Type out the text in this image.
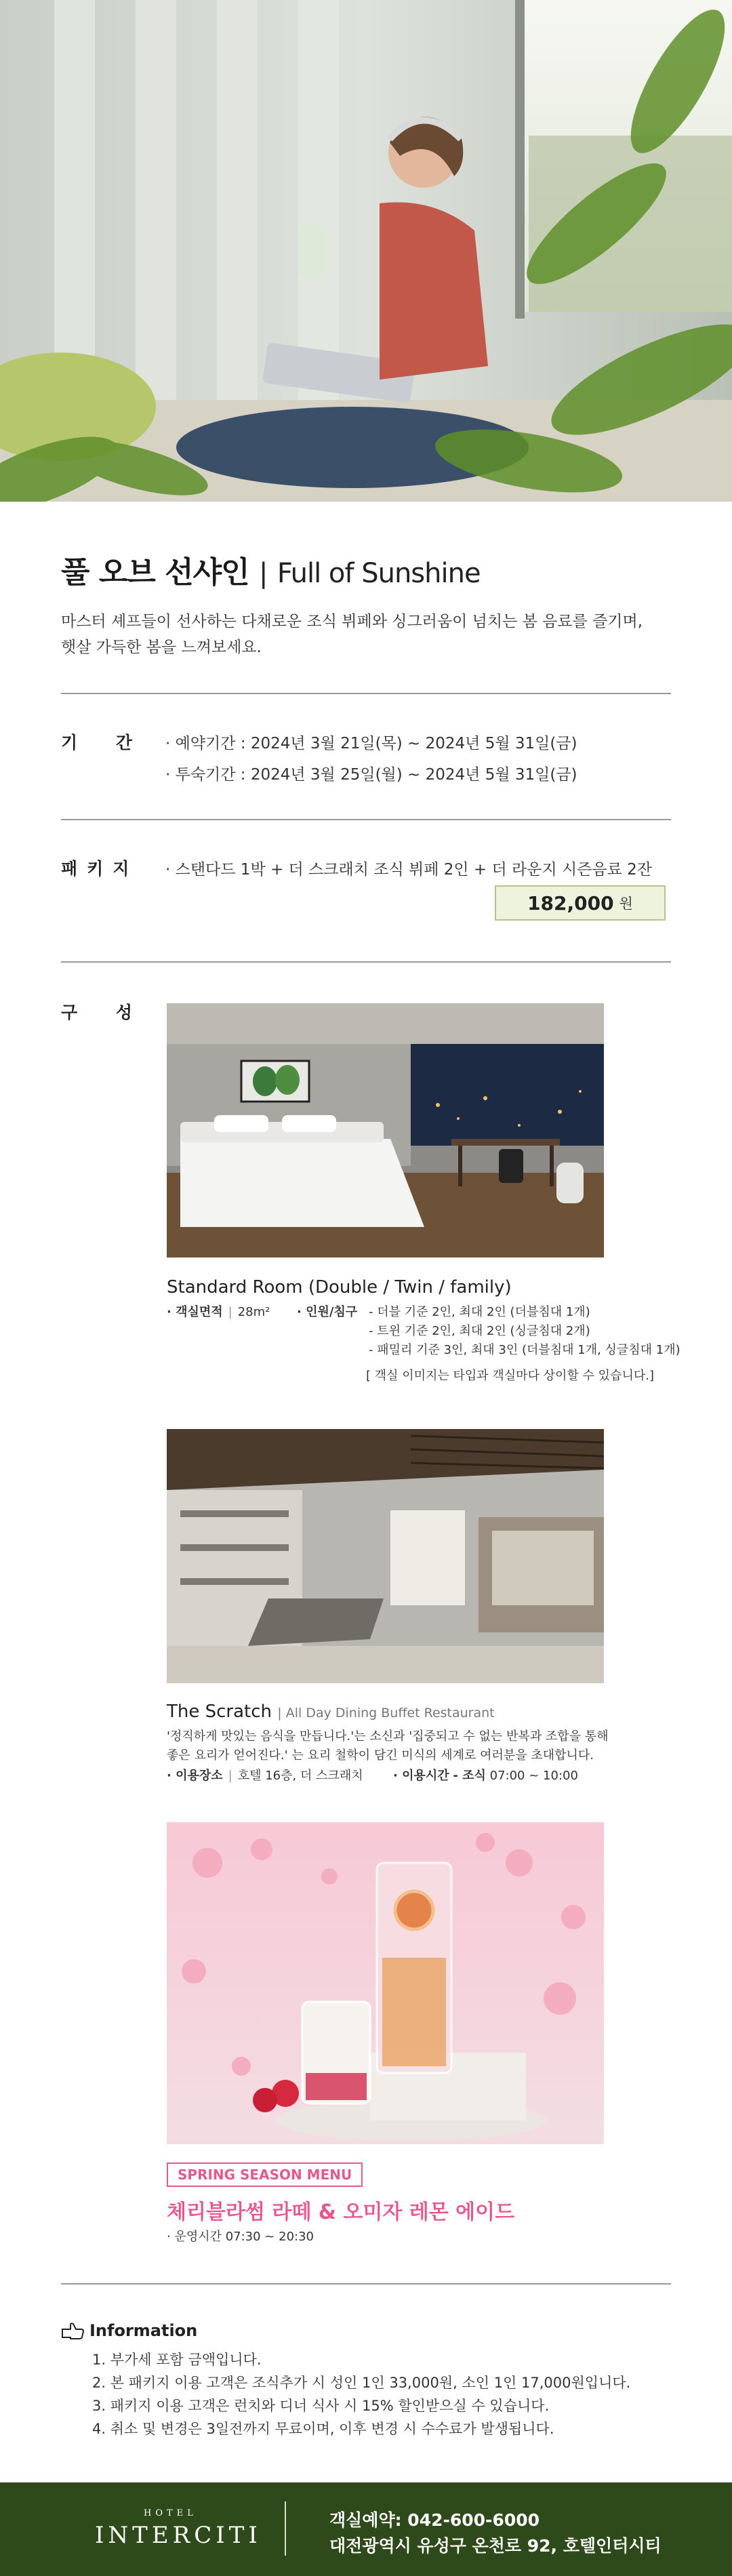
풀 오브 선샤인 | Full of Sunshine
마스터 셰프들이 선사하는 다채로운 조식 뷔페와 싱그러움이 넘치는 봄 음료를 즐기며,
햇살 가득한 봄을 느껴보세요.
기 간 · 예약기간 : 2024년 3월 21일(목) ~ 2024년 5월 31일(금)
· 투숙기간 : 2024년 3월 25일(월) ~ 2024년 5월 31일(금)
패키지 · 스탠다드 1박 + 더 스크래치 조식 뷔페 2인 + 더 라운지 시즌음료 2잔
182,000 원
구 성
Standard Room (Double / Twin / family)
· 객실면적 | 28m² · 인원/침구 - 더블 기준 2인, 최대 2인 (더블침대 1개)
- 트윈 기준 2인, 최대 2인 (싱글침대 2개)
- 패밀리 기준 3인, 최대 3인 (더블침대 1개, 싱글침대 1개)
[ 객실 이미지는 타입과 객실마다 상이할 수 있습니다.]
The Scratch | All Day Dining Buffet Restaurant
'정직하게 맛있는 음식을 만듭니다.'는 소신과 '집중되고 수 없는 반복과 조합을 통해
좋은 요리가 얻어진다.' 는 요리 철학이 담긴 미식의 세계로 여러분을 초대합니다.
· 이용장소 | 호텔 16층, 더 스크래치 · 이용시간 - 조식 07:00 ~ 10:00
SPRING SEASON MENU
체리블라썸 라떼 & 오미자 레몬 에이드
· 운영시간 07:30 ~ 20:30
Information
1. 부가세 포함 금액입니다.
2. 본 패키지 이용 고객은 조식추가 시 성인 1인 33,000원, 소인 1인 17,000원입니다.
3. 패키지 이용 고객은 런치와 디너 식사 시 15% 할인받으실 수 있습니다.
4. 취소 및 변경은 3일전까지 무료이며, 이후 변경 시 수수료가 발생됩니다.
HOTEL
INTERCITI
객실예약: 042-600-6000
대전광역시 유성구 온천로 92, 호텔인터시티
